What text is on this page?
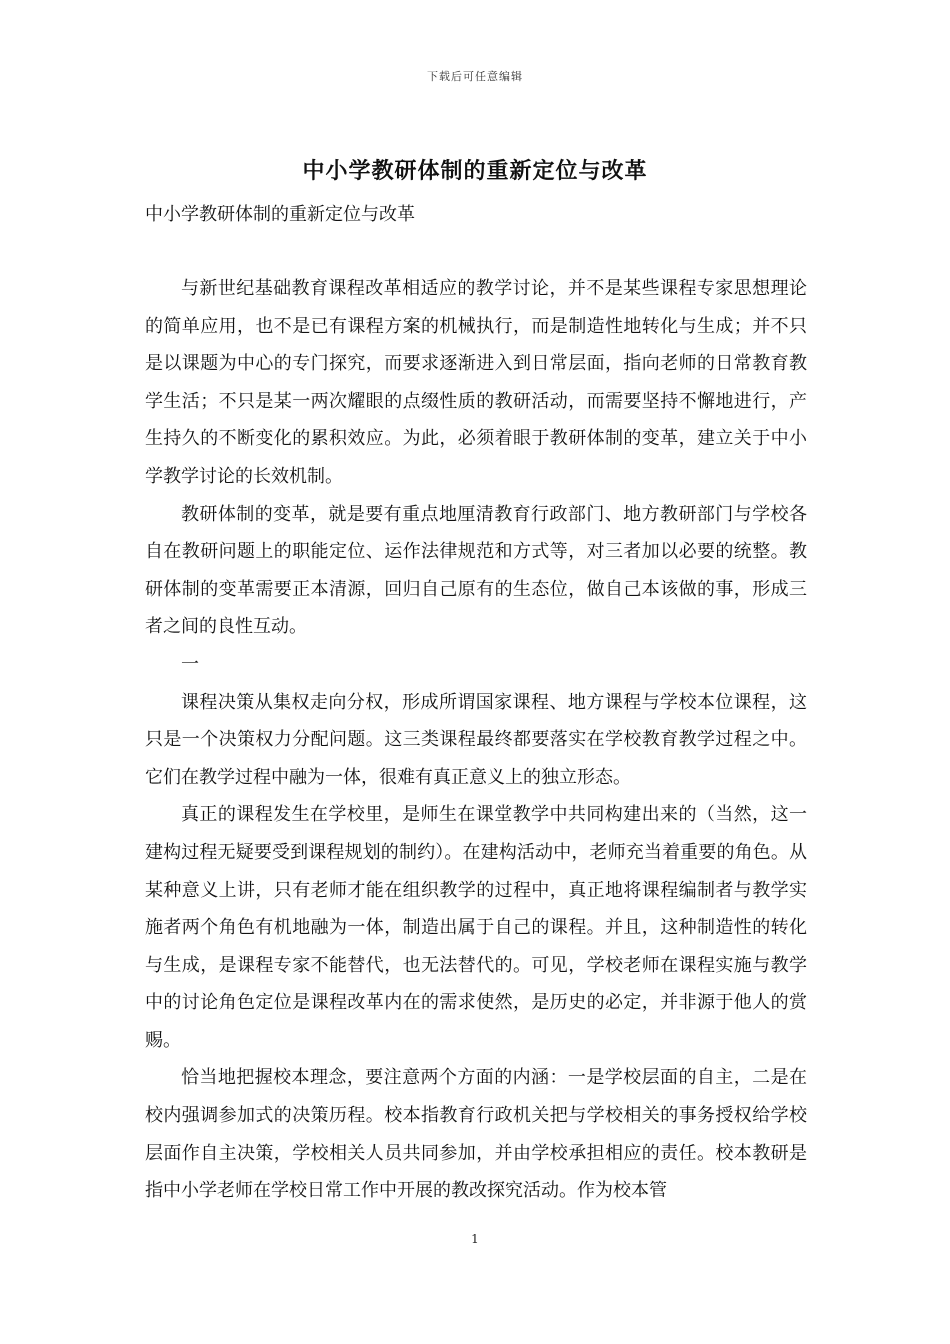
下载后可任意编辑
中小学教研体制的重新定位与改革

中小学教研体制的重新定位与改革

与新世纪基础教育课程改革相适应的教学讨论，并不是某些课程专家思想理论的简单应用，也不是已有课程方案的机械执行，而是制造性地转化与生成；并不只是以课题为中心的专门探究，而要求逐渐进入到日常层面，指向老师的日常教育教学生活；不只是某一两次耀眼的点缀性质的教研活动，而需要坚持不懈地进行，产生持久的不断变化的累积效应。为此，必须着眼于教研体制的变革，建立关于中小学教学讨论的长效机制。

教研体制的变革，就是要有重点地厘清教育行政部门、地方教研部门与学校各自在教研问题上的职能定位、运作法律规范和方式等，对三者加以必要的统整。教研体制的变革需要正本清源，回归自己原有的生态位，做自己本该做的事，形成三者之间的良性互动。

一

课程决策从集权走向分权，形成所谓国家课程、地方课程与学校本位课程，这只是一个决策权力分配问题。这三类课程最终都要落实在学校教育教学过程之中。它们在教学过程中融为一体，很难有真正意义上的独立形态。

真正的课程发生在学校里，是师生在课堂教学中共同构建出来的（当然，这一建构过程无疑要受到课程规划的制约）。在建构活动中，老师充当着重要的角色。从某种意义上讲，只有老师才能在组织教学的过程中，真正地将课程编制者与教学实施者两个角色有机地融为一体，制造出属于自己的课程。并且，这种制造性的转化与生成，是课程专家不能替代，也无法替代的。可见，学校老师在课程实施与教学中的讨论角色定位是课程改革内在的需求使然，是历史的必定，并非源于他人的赏赐。

恰当地把握校本理念，要注意两个方面的内涵：一是学校层面的自主，二是在校内强调参加式的决策历程。校本指教育行政机关把与学校相关的事务授权给学校层面作自主决策，学校相关人员共同参加，并由学校承担相应的责任。校本教研是指中小学老师在学校日常工作中开展的教改探究活动。作为校本管

1
